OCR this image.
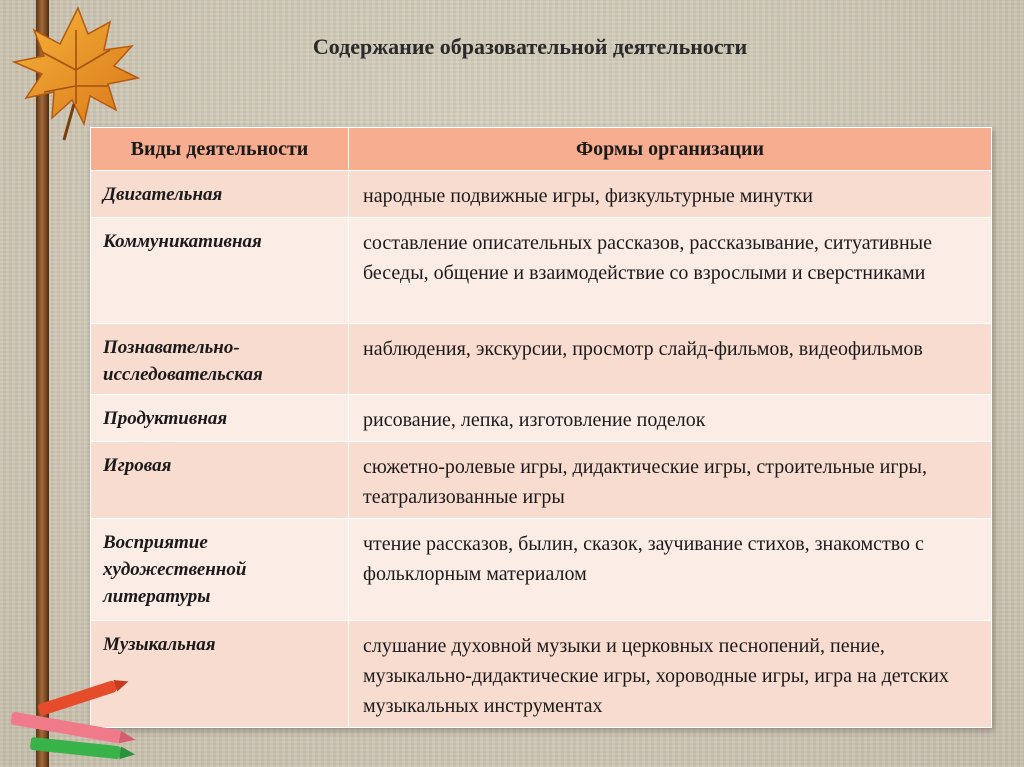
Содержание образовательной деятельности
Виды деятельности	Формы организации
Двигательная	народные подвижные игры, физкультурные минутки
Коммуникативная	составление описательных рассказов, рассказывание, ситуативные беседы, общение и взаимодействие со взрослыми и сверстниками
Познавательно-исследовательская	наблюдения, экскурсии, просмотр слайд-фильмов, видеофильмов
Продуктивная	рисование, лепка, изготовление поделок
Игровая	сюжетно-ролевые игры, дидактические игры, строительные игры, театрализованные игры
Восприятие художественной литературы	чтение рассказов, былин, сказок, заучивание стихов, знакомство с фольклорным материалом
Музыкальная	слушание духовной музыки и церковных песнопений, пение, музыкально-дидактические игры, хороводные игры, игра на детских музыкальных инструментах
